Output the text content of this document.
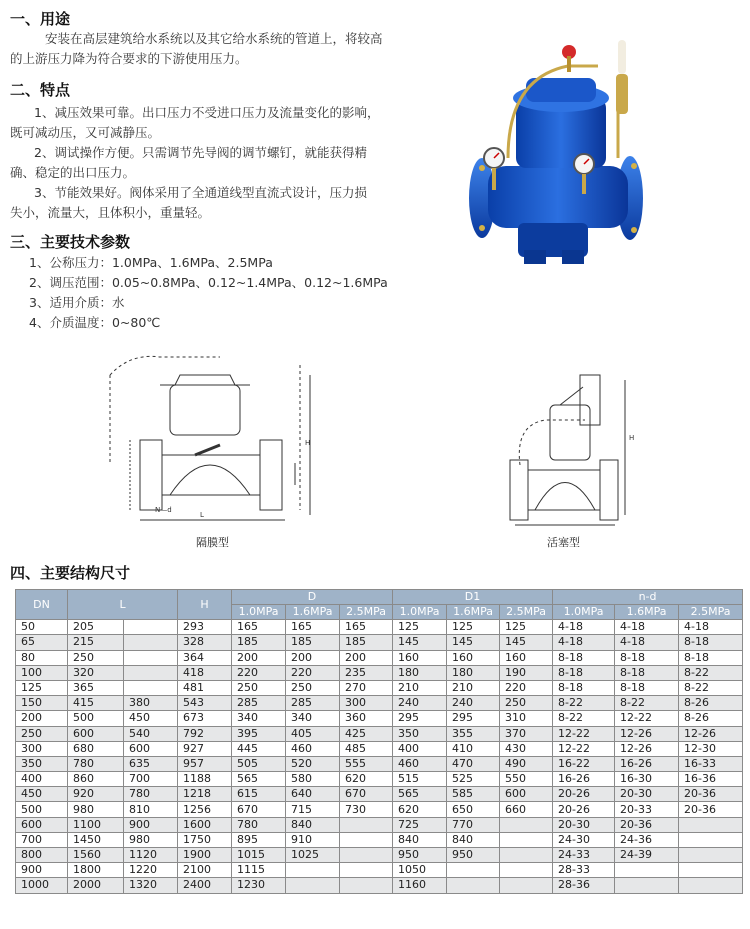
一、用途
安装在高层建筑给水系统以及其它给水系统的管道上，将较高
的上游压力降为符合要求的下游使用压力。
二、特点
1、减压效果可靠。出口压力不受进口压力及流量变化的影响，
既可减动压，又可减静压。
2、调试操作方便。只需调节先导阀的调节螺钉，就能获得精
确、稳定的出口压力。
3、节能效果好。阀体采用了全通道线型直流式设计，压力损
失小，流量大，且体积小，重量轻。
三、主要技术参数
1、公称压力：1.0MPa、1.6MPa、2.5MPa
2、调压范围：0.05~0.8MPa、0.12~1.4MPa、0.12~1.6MPa
3、适用介质：水
4、介质温度：0~80℃
N—d
L
H
隔膜型
H
活塞型
四、主要结构尺寸
DN	L		H	D			D1			n-d		
				1.0MPa	1.6MPa	2.5MPa	1.0MPa	1.6MPa	2.5MPa	1.0MPa	1.6MPa	2.5MPa
50	205		293	165	165	165	125	125	125	4-18	4-18	4-18
65	215		328	185	185	185	145	145	145	4-18	4-18	8-18
80	250		364	200	200	200	160	160	160	8-18	8-18	8-18
100	320		418	220	220	235	180	180	190	8-18	8-18	8-22
125	365		481	250	250	270	210	210	220	8-18	8-18	8-22
150	415	380	543	285	285	300	240	240	250	8-22	8-22	8-26
200	500	450	673	340	340	360	295	295	310	8-22	12-22	8-26
250	600	540	792	395	405	425	350	355	370	12-22	12-26	12-26
300	680	600	927	445	460	485	400	410	430	12-22	12-26	12-30
350	780	635	957	505	520	555	460	470	490	16-22	16-26	16-33
400	860	700	1188	565	580	620	515	525	550	16-26	16-30	16-36
450	920	780	1218	615	640	670	565	585	600	20-26	20-30	20-36
500	980	810	1256	670	715	730	620	650	660	20-26	20-33	20-36
600	1100	900	1600	780	840		725	770		20-30	20-36	
700	1450	980	1750	895	910		840	840		24-30	24-36	
800	1560	1120	1900	1015	1025		950	950		24-33	24-39	
900	1800	1220	2100	1115			1050			28-33		
1000	2000	1320	2400	1230			1160			28-36		
